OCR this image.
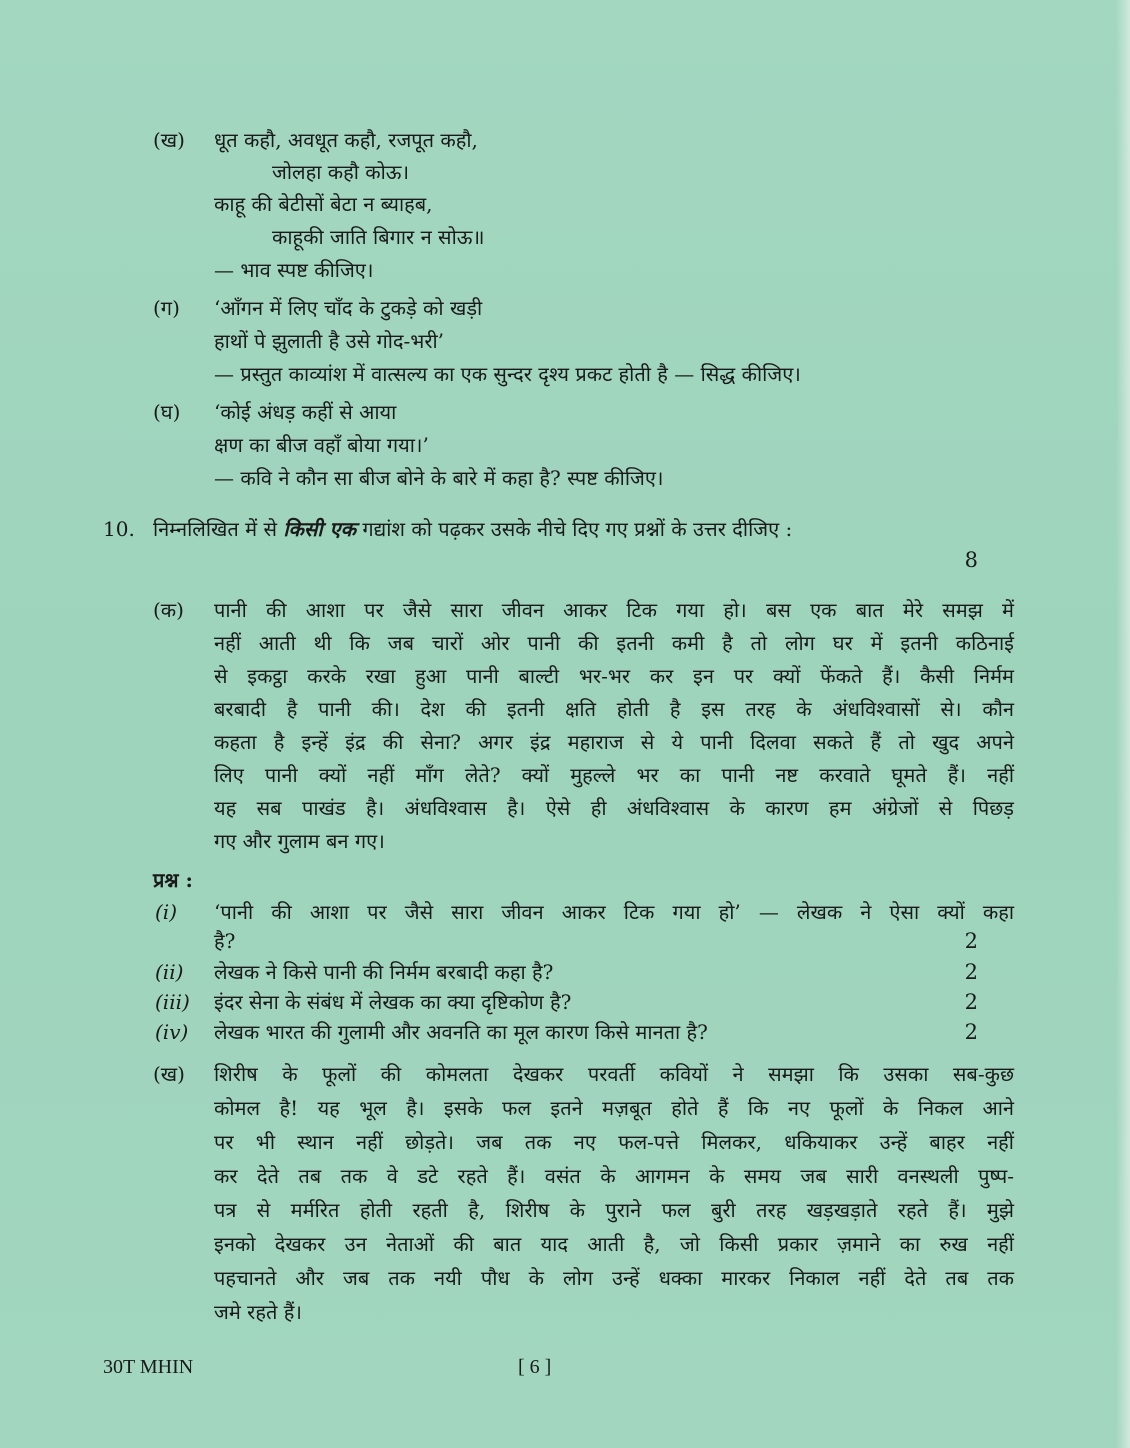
(ख) धूत कहौ, अवधूत कहौ, रजपूत कहौ,
जोलहा कहौ कोऊ।
काहू की बेटीसों बेटा न ब्याहब,
काहूकी जाति बिगार न सोऊ॥
— भाव स्पष्ट कीजिए।
(ग) ‘आँगन में लिए चाँद के टुकड़े को खड़ी
हाथों पे झुलाती है उसे गोद-भरी’
— प्रस्तुत काव्यांश में वात्सल्य का एक सुन्दर दृश्य प्रकट होती है — सिद्ध कीजिए।
(घ) ‘कोई अंधड़ कहीं से आया
क्षण का बीज वहाँ बोया गया।’
— कवि ने कौन सा बीज बोने के बारे में कहा है? स्पष्ट कीजिए।
10. निम्नलिखित में से किसी एक गद्यांश को पढ़कर उसके नीचे दिए गए प्रश्नों के उत्तर दीजिए :
8
(क) पानी की आशा पर जैसे सारा जीवन आकर टिक गया हो। बस एक बात मेरे समझ में
नहीं आती थी कि जब चारों ओर पानी की इतनी कमी है तो लोग घर में इतनी कठिनाई
से इकट्ठा करके रखा हुआ पानी बाल्टी भर-भर कर इन पर क्यों फेंकते हैं। कैसी निर्मम
बरबादी है पानी की। देश की इतनी क्षति होती है इस तरह के अंधविश्वासों से। कौन
कहता है इन्हें इंद्र की सेना? अगर इंद्र महाराज से ये पानी दिलवा सकते हैं तो खुद अपने
लिए पानी क्यों नहीं माँग लेते? क्यों मुहल्ले भर का पानी नष्ट करवाते घूमते हैं। नहीं
यह सब पाखंड है। अंधविश्वास है। ऐसे ही अंधविश्वास के कारण हम अंग्रेजों से पिछड़
गए और गुलाम बन गए।
प्रश्न :
(i) ‘पानी की आशा पर जैसे सारा जीवन आकर टिक गया हो’ — लेखक ने ऐसा क्यों कहा
है?	2
(ii) लेखक ने किसे पानी की निर्मम बरबादी कहा है?	2
(iii) इंदर सेना के संबंध में लेखक का क्या दृष्टिकोण है?	2
(iv) लेखक भारत की गुलामी और अवनति का मूल कारण किसे मानता है?	2
(ख) शिरीष के फूलों की कोमलता देखकर परवर्ती कवियों ने समझा कि उसका सब-कुछ
कोमल है! यह भूल है। इसके फल इतने मज़बूत होते हैं कि नए फूलों के निकल आने
पर भी स्थान नहीं छोड़ते। जब तक नए फल-पत्ते मिलकर, धकियाकर उन्हें बाहर नहीं
कर देते तब तक वे डटे रहते हैं। वसंत के आगमन के समय जब सारी वनस्थली पुष्प-
पत्र से मर्मरित होती रहती है, शिरीष के पुराने फल बुरी तरह खड़खड़ाते रहते हैं। मुझे
इनको देखकर उन नेताओं की बात याद आती है, जो किसी प्रकार ज़माने का रुख नहीं
पहचानते और जब तक नयी पौध के लोग उन्हें धक्का मारकर निकाल नहीं देते तब तक
जमे रहते हैं।
30T MHIN	[ 6 ]
